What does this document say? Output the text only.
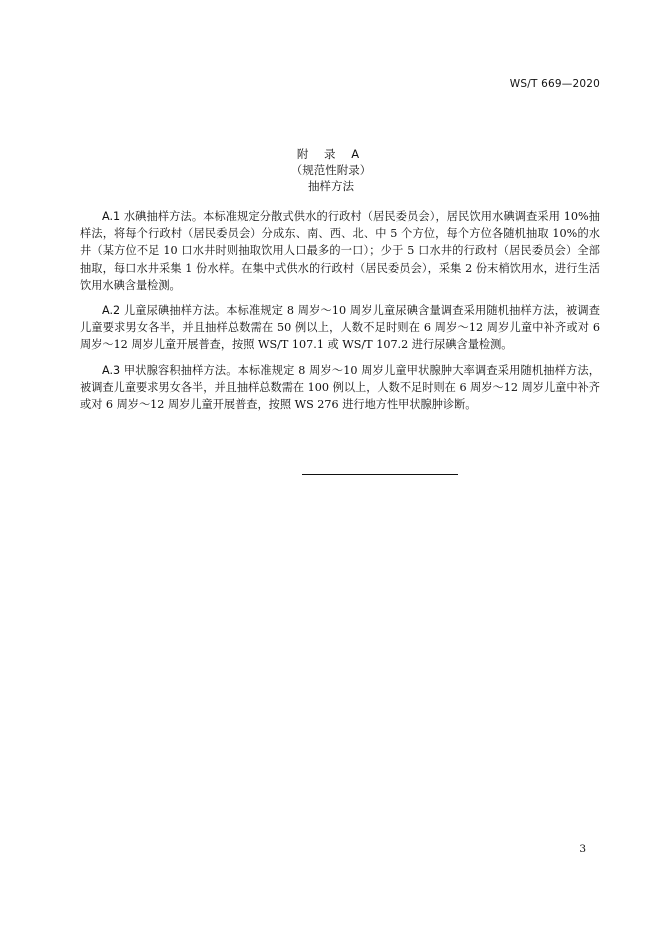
WS/T 669—2020
附 录 A
（规范性附录）
抽样方法

A.1 水碘抽样方法。本标准规定分散式供水的行政村（居民委员会），居民饮用水碘调查采用 10%抽样法，将每个行政村（居民委员会）分成东、南、西、北、中 5 个方位，每个方位各随机抽取 10%的水井（某方位不足 10 口水井时则抽取饮用人口最多的一口）；少于 5 口水井的行政村（居民委员会）全部抽取，每口水井采集 1 份水样。在集中式供水的行政村（居民委员会），采集 2 份末梢饮用水，进行生活饮用水碘含量检测。

A.2 儿童尿碘抽样方法。本标准规定 8 周岁～10 周岁儿童尿碘含量调查采用随机抽样方法，被调查儿童要求男女各半，并且抽样总数需在 50 例以上，人数不足时则在 6 周岁～12 周岁儿童中补齐或对 6 周岁～12 周岁儿童开展普查，按照 WS/T 107.1 或 WS/T 107.2 进行尿碘含量检测。

A.3 甲状腺容积抽样方法。本标准规定 8 周岁～10 周岁儿童甲状腺肿大率调查采用随机抽样方法，被调查儿童要求男女各半，并且抽样总数需在 100 例以上，人数不足时则在 6 周岁～12 周岁儿童中补齐或对 6 周岁～12 周岁儿童开展普查，按照 WS 276 进行地方性甲状腺肿诊断。

3
